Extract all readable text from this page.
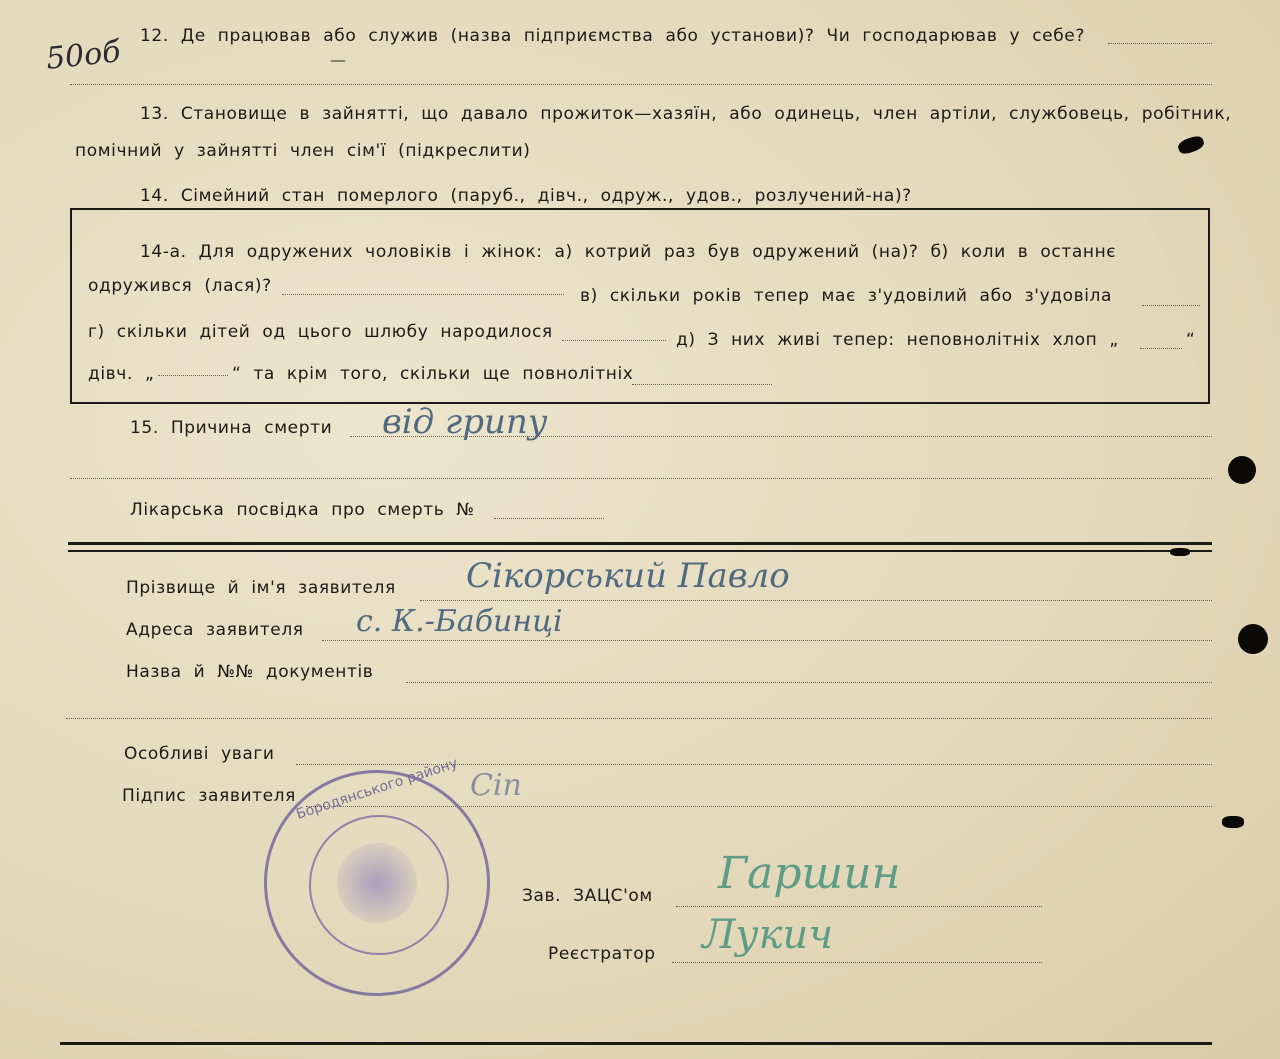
12. Де працював або служив (назва підприємства або установи)? Чи господарював у себе?
50об	—
13. Становище в зайнятті, що давало прожиток—хазяїн, або одинець, член артіли, службовець, робітник,
помічний у зайнятті член сім'ї (підкреслити)
14. Сімейний стан померлого (паруб., дівч., одруж., удов., розлучений-на)?
14-а. Для одружених чоловіків і жінок: а) котрий раз був одружений (на)? б) коли в останнє
одружився (лася)?	в) скільки років тепер має з'удовілий або з'удовіла
г) скільки дітей од цього шлюбу народилося	д) З них живі тепер: неповнолітніх хлоп „	“
дівч. „	“ та крім того, скільки ще повнолітніх
15. Причина смерти від грипу
Лікарська посвідка про смерть №
Прізвище й ім'я заявителя Сікорський Павло
Адреса заявителя с. К.-Бабинці
Назва й №№ документів
Особливі уваги
Підпис заявителя	Сіп
Бородянського району
Зав. ЗАЦС'ом Гаршин
Реєстратор Лукич
